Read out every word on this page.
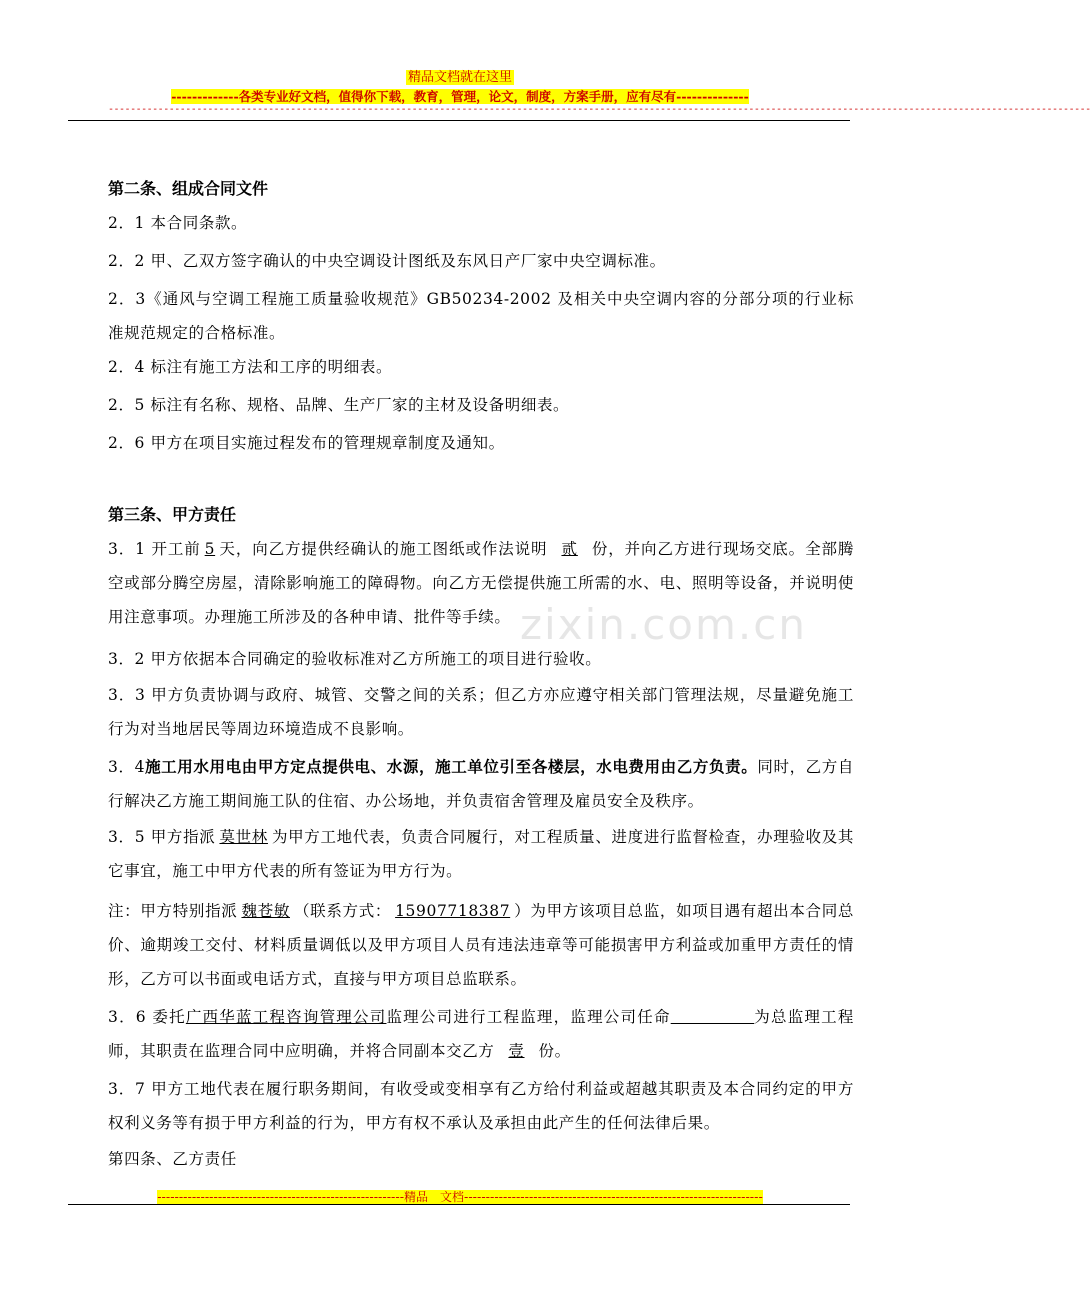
精品文档就在这里
-------------各类专业好文档，值得你下载，教育，管理，论文，制度，方案手册，应有尽有--------------
----------------------------------------------------------------------------------------------------------------------------------------------------------------------------------
zixin.com.cn
第二条、组成合同文件
2．1 本合同条款。
2．2 甲、乙双方签字确认的中央空调设计图纸及东风日产厂家中央空调标准。
2．3《通风与空调工程施工质量验收规范》GB50234-2002 及相关中央空调内容的分部分项的行业标准规范规定的合格标准。
2．4 标注有施工方法和工序的明细表。
2．5 标注有名称、规格、品牌、生产厂家的主材及设备明细表。
2．6 甲方在项目实施过程发布的管理规章制度及通知。
第三条、甲方责任
3．1 开工前 5 天，向乙方提供经确认的施工图纸或作法说明 贰 份，并向乙方进行现场交底。全部腾空或部分腾空房屋，清除影响施工的障碍物。向乙方无偿提供施工所需的水、电、照明等设备，并说明使用注意事项。办理施工所涉及的各种申请、批件等手续。
3．2 甲方依据本合同确定的验收标准对乙方所施工的项目进行验收。
3．3 甲方负责协调与政府、城管、交警之间的关系；但乙方亦应遵守相关部门管理法规，尽量避免施工行为对当地居民等周边环境造成不良影响。
3．4施工用水用电由甲方定点提供电、水源，施工单位引至各楼层，水电费用由乙方负责。同时，乙方自行解决乙方施工期间施工队的住宿、办公场地，并负责宿舍管理及雇员安全及秩序。
3．5 甲方指派 莫世林 为甲方工地代表，负责合同履行，对工程质量、进度进行监督检查，办理验收及其它事宜，施工中甲方代表的所有签证为甲方行为。
注：甲方特别指派 魏苍敏 （联系方式： 15907718387 ）为甲方该项目总监，如项目遇有超出本合同总价、逾期竣工交付、材料质量调低以及甲方项目人员有违法违章等可能损害甲方利益或加重甲方责任的情形，乙方可以书面或电话方式，直接与甲方项目总监联系。
3．6 委托广西华蓝工程咨询管理公司监理公司进行工程监理，监理公司任命　　　　　	为总监理工程师，其职责在监理合同中应明确，并将合同副本交乙方 壹 份。
3．7 甲方工地代表在履行职务期间，有收受或变相享有乙方给付利益或超越其职责及本合同约定的甲方权利义务等有损于甲方利益的行为，甲方有权不承认及承担由此产生的任何法律后果。
第四条、乙方责任
---------------------------------------------------------精品　文档---------------------------------------------------------------------
